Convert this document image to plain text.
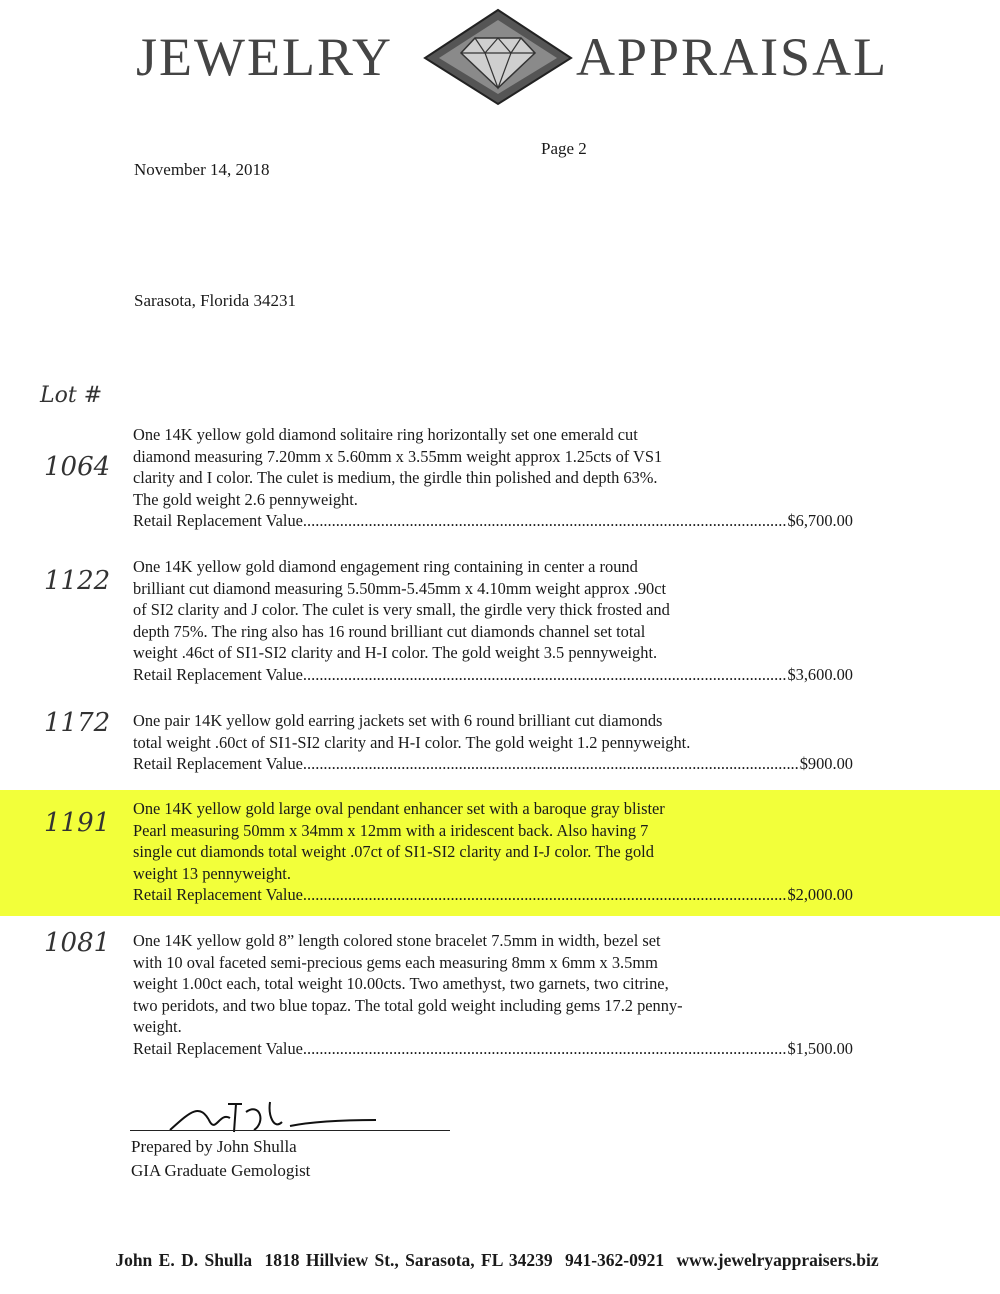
JEWELRY	APPRAISAL
Page 2
November 14, 2018
Sarasota, Florida 34231
Lot #
1064

One 14K yellow gold diamond solitaire ring horizontally set one emerald cut

diamond measuring 7.20mm x 5.60mm x 3.55mm weight approx 1.25cts of VS1

clarity and I color. The culet is medium, the girdle thin polished and depth 63%.

The gold weight 2.6 pennyweight.

Retail Replacement Value .....	$6,700.00
1122 One 14K yellow gold diamond engagement ring containing in center a round

brilliant cut diamond measuring 5.50mm-5.45mm x 4.10mm weight approx .90ct

of SI2 clarity and J color. The culet is very small, the girdle very thick frosted and

depth 75%. The ring also has 16 round brilliant cut diamonds channel set total

weight .46ct of SI1-SI2 clarity and H-I color. The gold weight 3.5 pennyweight.

Retail Replacement Value .....	$3,600.00
1172 One pair 14K yellow gold earring jackets set with 6 round brilliant cut diamonds

total weight .60ct of SI1-SI2 clarity and H-I color. The gold weight 1.2 pennyweight.

Retail Replacement Value .....	$900.00
1191 One 14K yellow gold large oval pendant enhancer set with a baroque gray blister

Pearl measuring 50mm x 34mm x 12mm with a iridescent back. Also having 7

single cut diamonds total weight .07ct of SI1-SI2 clarity and I-J color. The gold

weight 13 pennyweight.

Retail Replacement Value .....	$2,000.00
1081 One 14K yellow gold 8” length colored stone bracelet 7.5mm in width, bezel set

with 10 oval faceted semi-precious gems each measuring 8mm x 6mm x 3.5mm

weight 1.00ct each, total weight 10.00cts. Two amethyst, two garnets, two citrine,

two peridots, and two blue topaz. The total gold weight including gems 17.2 penny-

weight.

Retail Replacement Value .....	$1,500.00
Prepared by John Shulla
GIA Graduate Gemologist
John E. D. Shulla 1818 Hillview St., Sarasota, FL 34239 941-362-0921 www.jewelryappraisers.biz
